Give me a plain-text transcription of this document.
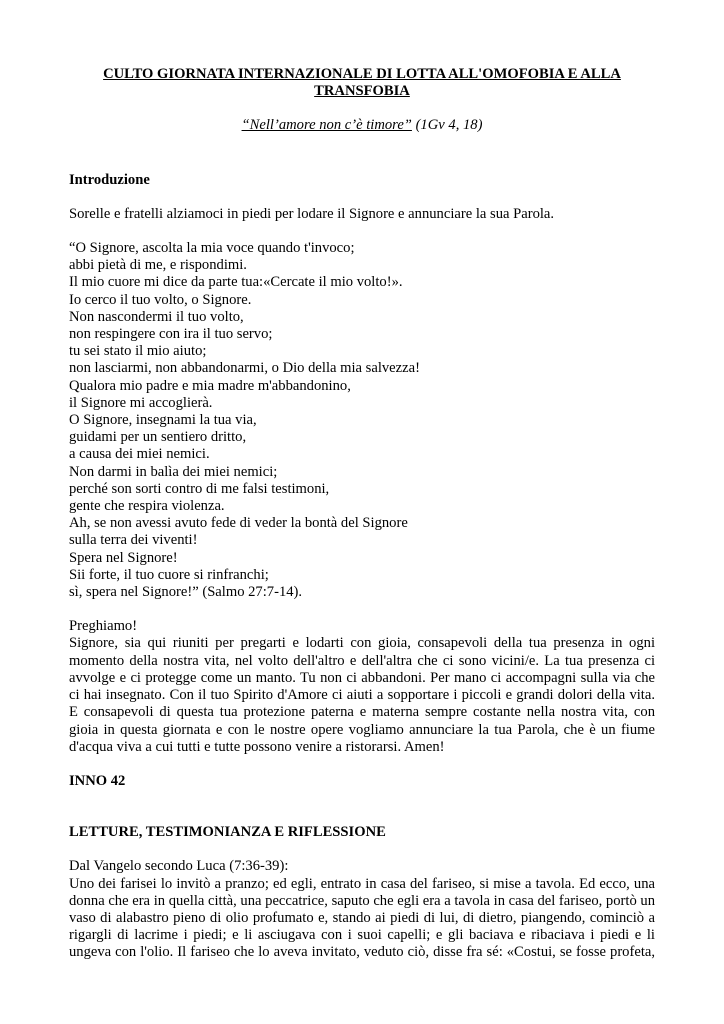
CULTO GIORNATA INTERNAZIONALE DI LOTTA ALL'OMOFOBIA E ALLA
TRANSFOBIA

“Nell’amore non c’è timore” (1Gv 4, 18)

Introduzione

Sorelle e fratelli alziamoci in piedi per lodare il Signore e annunciare la sua Parola.

“O Signore, ascolta la mia voce quando t'invoco;
abbi pietà di me, e rispondimi.
Il mio cuore mi dice da parte tua:«Cercate il mio volto!».
Io cerco il tuo volto, o Signore.
Non nascondermi il tuo volto,
non respingere con ira il tuo servo;
tu sei stato il mio aiuto;
non lasciarmi, non abbandonarmi, o Dio della mia salvezza!
Qualora mio padre e mia madre m'abbandonino,
il Signore mi accoglierà.
O Signore, insegnami la tua via,
guidami per un sentiero dritto,
a causa dei miei nemici.
Non darmi in balìa dei miei nemici;
perché son sorti contro di me falsi testimoni,
gente che respira violenza.
Ah, se non avessi avuto fede di veder la bontà del Signore
sulla terra dei viventi!
Spera nel Signore!
Sii forte, il tuo cuore si rinfranchi;
sì, spera nel Signore!” (Salmo 27:7-14).

Preghiamo!

Signore, sia qui riuniti per pregarti e lodarti con gioia, consapevoli della tua presenza in ogni
momento della nostra vita, nel volto dell'altro e dell'altra che ci sono vicini/e. La tua presenza ci
avvolge e ci protegge come un manto. Tu non ci abbandoni. Per mano ci accompagni sulla via che
ci hai insegnato. Con il tuo Spirito d'Amore ci aiuti a sopportare i piccoli e grandi dolori della vita.
E consapevoli di questa tua protezione paterna e materna sempre costante nella nostra vita, con
gioia in questa giornata e con le nostre opere vogliamo annunciare la tua Parola, che è un fiume
d'acqua viva a cui tutti e tutte possono venire a ristorarsi. Amen!

INNO 42

LETTURE, TESTIMONIANZA E RIFLESSIONE

Dal Vangelo secondo Luca (7:36-39):

Uno dei farisei lo invitò a pranzo; ed egli, entrato in casa del fariseo, si mise a tavola. Ed ecco, una
donna che era in quella città, una peccatrice, saputo che egli era a tavola in casa del fariseo, portò un
vaso di alabastro pieno di olio profumato e, stando ai piedi di lui, di dietro, piangendo, cominciò a
rigargli di lacrime i piedi; e li asciugava con i suoi capelli; e gli baciava e ribaciava i piedi e li
ungeva con l'olio. Il fariseo che lo aveva invitato, veduto ciò, disse fra sé: «Costui, se fosse profeta,
